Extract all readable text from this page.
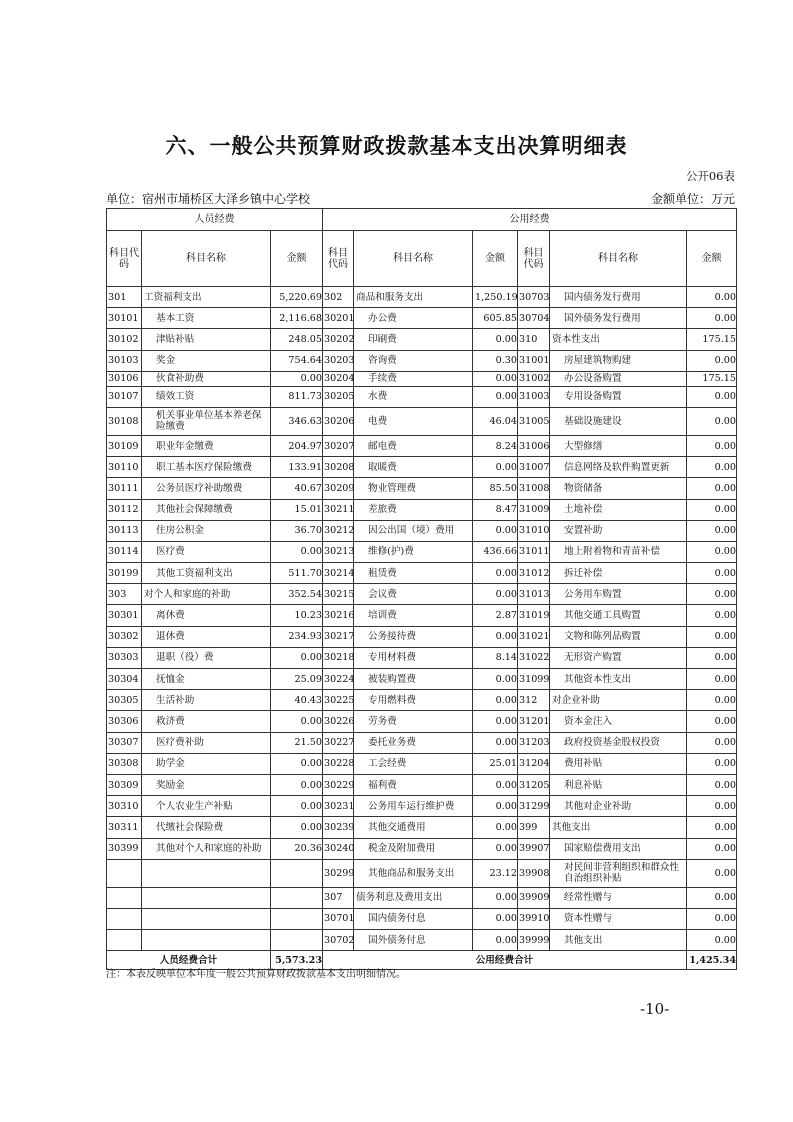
六、一般公共预算财政拨款基本支出决算明细表
公开06表
单位：宿州市埇桥区大泽乡镇中心学校	金额单位：万元
人员经费			公用经费					
科目代码	科目名称	金额	科目代码	科目名称	金额	科目代码	科目名称	金额
301	工资福利支出	5,220.69	302	商品和服务支出	1,250.19	30703	国内债务发行费用	0.00
30101	基本工资	2,116.68	30201	办公费	605.85	30704	国外债务发行费用	0.00
30102	津贴补贴	248.05	30202	印刷费	0.00	310	资本性支出	175.15
30103	奖金	754.64	30203	咨询费	0.30	31001	房屋建筑物购建	0.00
30106	伙食补助费	0.00	30204	手续费	0.00	31002	办公设备购置	175.15
30107	绩效工资	811.73	30205	水费	0.00	31003	专用设备购置	0.00
30108	机关事业单位基本养老保险缴费	346.63	30206	电费	46.04	31005	基础设施建设	0.00
30109	职业年金缴费	204.97	30207	邮电费	8.24	31006	大型修缮	0.00
30110	职工基本医疗保险缴费	133.91	30208	取暖费	0.00	31007	信息网络及软件购置更新	0.00
30111	公务员医疗补助缴费	40.67	30209	物业管理费	85.50	31008	物资储备	0.00
30112	其他社会保障缴费	15.01	30211	差旅费	8.47	31009	土地补偿	0.00
30113	住房公积金	36.70	30212	因公出国（境）费用	0.00	31010	安置补助	0.00
30114	医疗费	0.00	30213	维修(护)费	436.66	31011	地上附着物和青苗补偿	0.00
30199	其他工资福利支出	511.70	30214	租赁费	0.00	31012	拆迁补偿	0.00
303	对个人和家庭的补助	352.54	30215	会议费	0.00	31013	公务用车购置	0.00
30301	离休费	10.23	30216	培训费	2.87	31019	其他交通工具购置	0.00
30302	退休费	234.93	30217	公务接待费	0.00	31021	文物和陈列品购置	0.00
30303	退职（役）费	0.00	30218	专用材料费	8.14	31022	无形资产购置	0.00
30304	抚恤金	25.09	30224	被装购置费	0.00	31099	其他资本性支出	0.00
30305	生活补助	40.43	30225	专用燃料费	0.00	312	对企业补助	0.00
30306	救济费	0.00	30226	劳务费	0.00	31201	资本金注入	0.00
30307	医疗费补助	21.50	30227	委托业务费	0.00	31203	政府投资基金股权投资	0.00
30308	助学金	0.00	30228	工会经费	25.01	31204	费用补贴	0.00
30309	奖励金	0.00	30229	福利费	0.00	31205	利息补贴	0.00
30310	个人农业生产补贴	0.00	30231	公务用车运行维护费	0.00	31299	其他对企业补助	0.00
30311	代缴社会保险费	0.00	30239	其他交通费用	0.00	399	其他支出	0.00
30399	其他对个人和家庭的补助	20.36	30240	税金及附加费用	0.00	39907	国家赔偿费用支出	0.00
			30299	其他商品和服务支出	23.12	39908	对民间非营利组织和群众性自治组织补贴	0.00
			307	债务利息及费用支出	0.00	39909	经常性赠与	0.00
			30701	国内债务付息	0.00	39910	资本性赠与	0.00
			30702	国外债务付息	0.00	39999	其他支出	0.00
人员经费合计		5,573.23	公用经费合计					1,425.34
注：本表反映单位本年度一般公共预算财政拨款基本支出明细情况。
-10-
